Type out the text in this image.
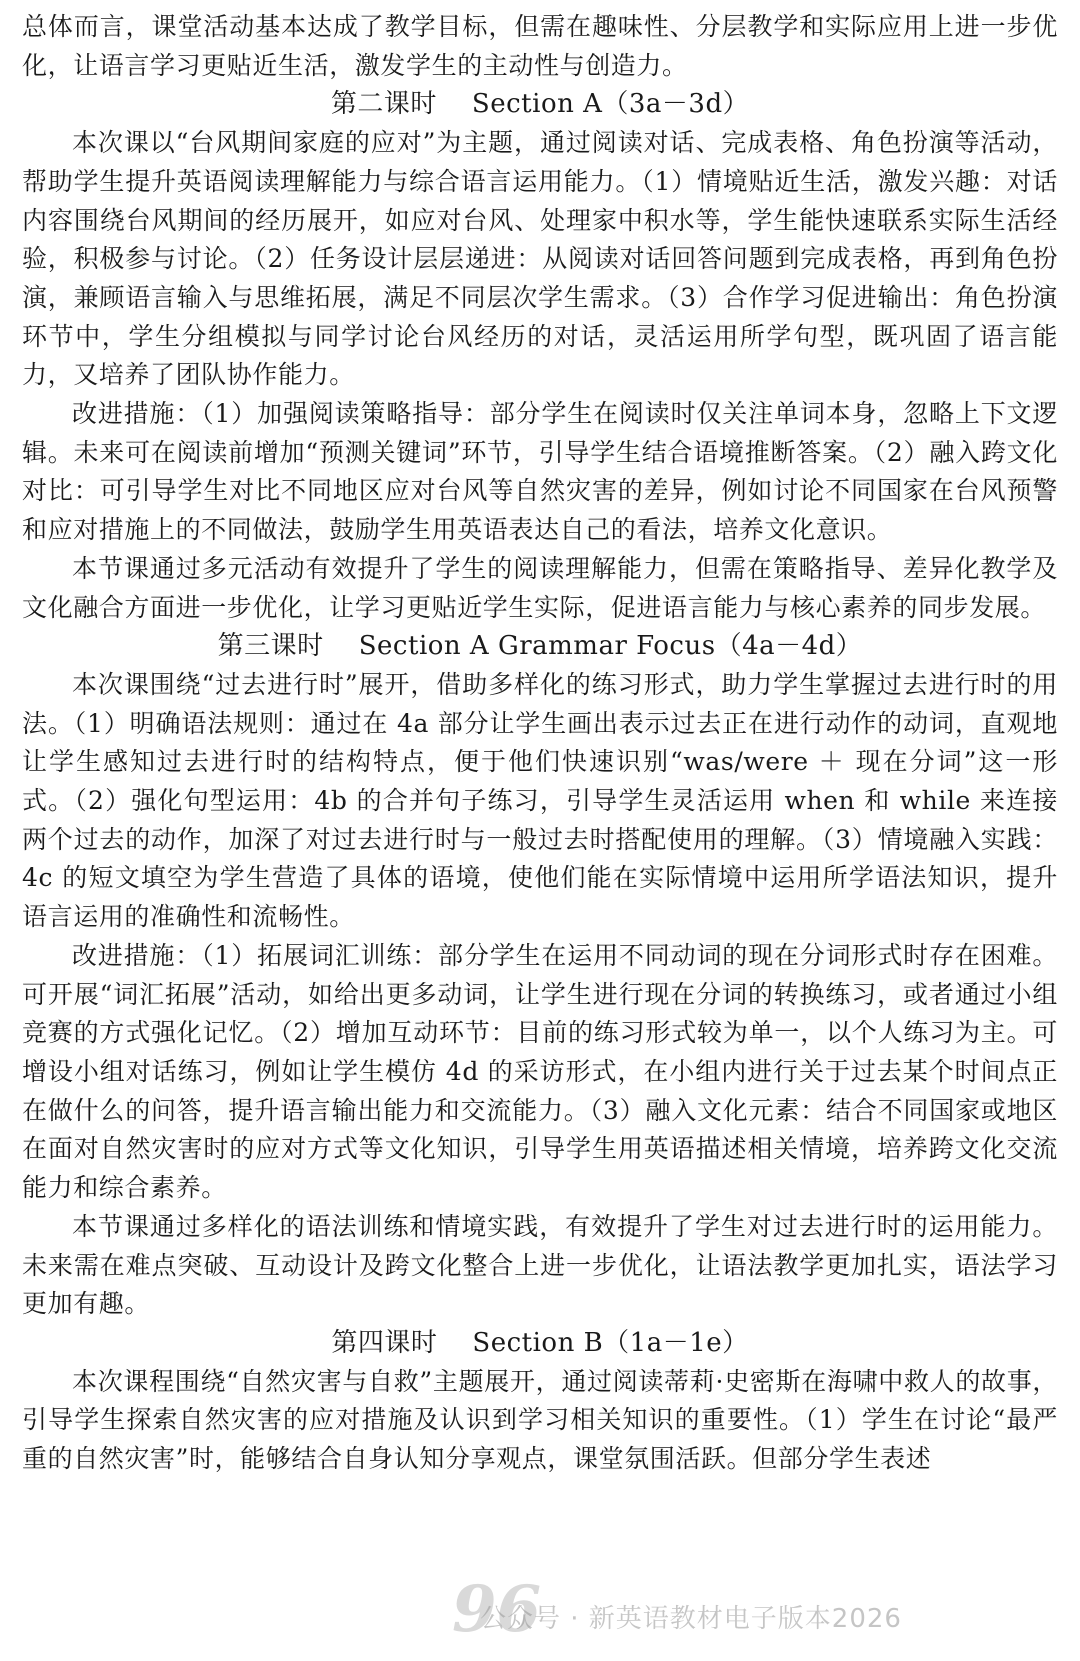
总体而言，课堂活动基本达成了教学目标，但需在趣味性、分层教学和实际应用上进一步优化，让语言学习更贴近生活，激发学生的主动性与创造力。

第二课时    Section A（3a－3d）

本次课以“台风期间家庭的应对”为主题，通过阅读对话、完成表格、角色扮演等活动，帮助学生提升英语阅读理解能力与综合语言运用能力。（1）情境贴近生活，激发兴趣：对话内容围绕台风期间的经历展开，如应对台风、处理家中积水等，学生能快速联系实际生活经验，积极参与讨论。（2）任务设计层层递进：从阅读对话回答问题到完成表格，再到角色扮演，兼顾语言输入与思维拓展，满足不同层次学生需求。（3）合作学习促进输出：角色扮演环节中，学生分组模拟与同学讨论台风经历的对话，灵活运用所学句型，既巩固了语言能力，又培养了团队协作能力。

改进措施：（1）加强阅读策略指导：部分学生在阅读时仅关注单词本身，忽略上下文逻辑。未来可在阅读前增加“预测关键词”环节，引导学生结合语境推断答案。（2）融入跨文化对比：可引导学生对比不同地区应对台风等自然灾害的差异，例如讨论不同国家在台风预警和应对措施上的不同做法，鼓励学生用英语表达自己的看法，培养文化意识。

本节课通过多元活动有效提升了学生的阅读理解能力，但需在策略指导、差异化教学及文化融合方面进一步优化，让学习更贴近学生实际，促进语言能力与核心素养的同步发展。

第三课时    Section A Grammar Focus（4a－4d）

本次课围绕“过去进行时”展开，借助多样化的练习形式，助力学生掌握过去进行时的用法。（1）明确语法规则：通过在 4a 部分让学生画出表示过去正在进行动作的动词，直观地让学生感知过去进行时的结构特点，便于他们快速识别“was/were ＋ 现在分词”这一形式。（2）强化句型运用：4b 的合并句子练习，引导学生灵活运用 when 和 while 来连接两个过去的动作，加深了对过去进行时与一般过去时搭配使用的理解。（3）情境融入实践：4c 的短文填空为学生营造了具体的语境，使他们能在实际情境中运用所学语法知识，提升语言运用的准确性和流畅性。

改进措施：（1）拓展词汇训练：部分学生在运用不同动词的现在分词形式时存在困难。可开展“词汇拓展”活动，如给出更多动词，让学生进行现在分词的转换练习，或者通过小组竞赛的方式强化记忆。（2）增加互动环节：目前的练习形式较为单一，以个人练习为主。可增设小组对话练习，例如让学生模仿 4d 的采访形式，在小组内进行关于过去某个时间点正在做什么的问答，提升语言输出能力和交流能力。（3）融入文化元素：结合不同国家或地区在面对自然灾害时的应对方式等文化知识，引导学生用英语描述相关情境，培养跨文化交流能力和综合素养。

本节课通过多样化的语法训练和情境实践，有效提升了学生对过去进行时的运用能力。未来需在难点突破、互动设计及跨文化整合上进一步优化，让语法教学更加扎实，语法学习更加有趣。

第四课时    Section B（1a－1e）

本次课程围绕“自然灾害与自救”主题展开，通过阅读蒂莉·史密斯在海啸中救人的故事，引导学生探索自然灾害的应对措施及认识到学习相关知识的重要性。（1）学生在讨论“最严重的自然灾害”时，能够结合自身认知分享观点，课堂氛围活跃。但部分学生表述

96
公众号 · 新英语教材电子版本2026
